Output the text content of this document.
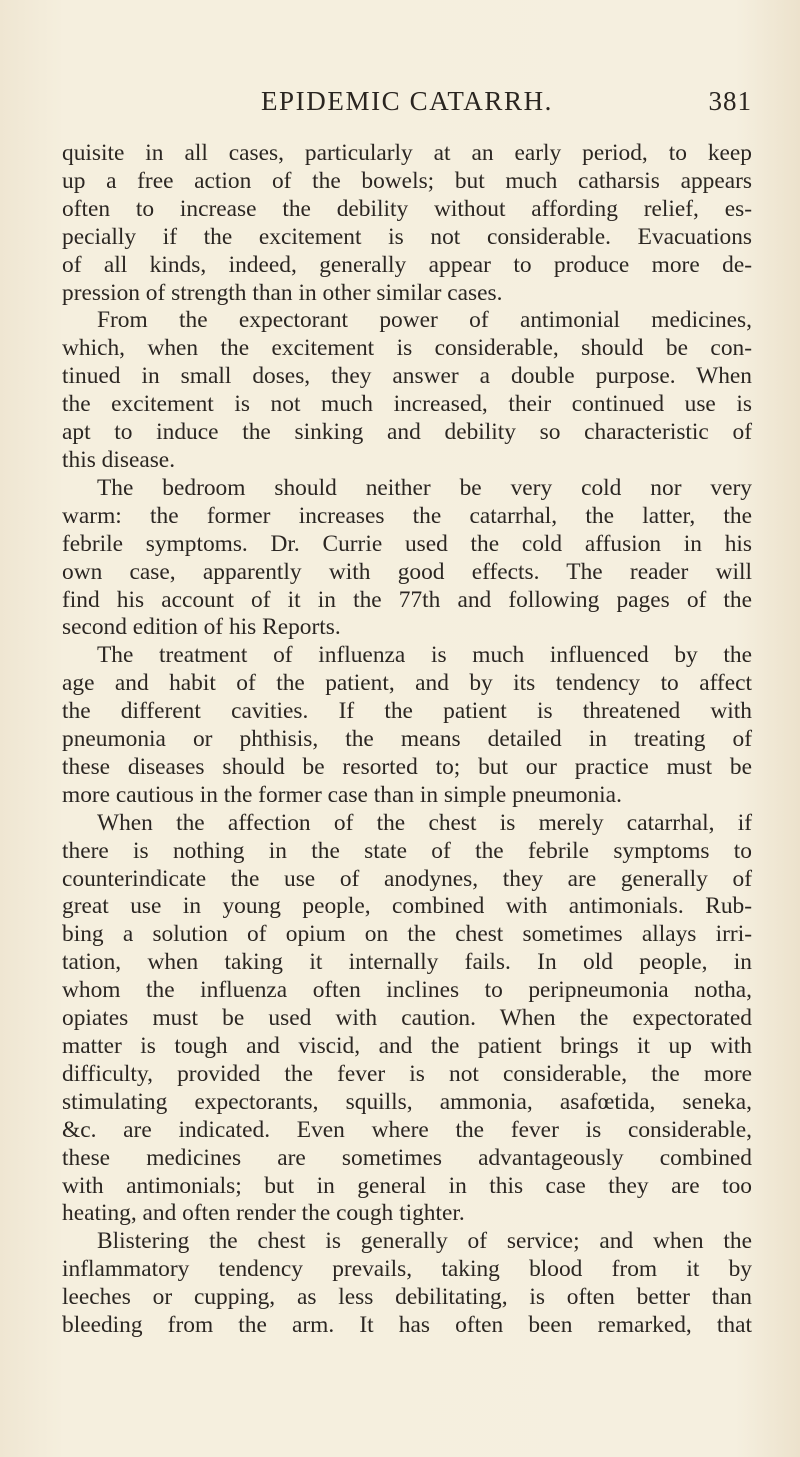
EPIDEMIC CATARRH.	381

quisite in all cases, particularly at an early period, to keep
up a free action of the bowels; but much catharsis appears
often to increase the debility without affording relief, es-
pecially if the excitement is not considerable. Evacuations
of all kinds, indeed, generally appear to produce more de-
pression of strength than in other similar cases.

From the expectorant power of antimonial medicines,
which, when the excitement is considerable, should be con-
tinued in small doses, they answer a double purpose. When
the excitement is not much increased, their continued use is
apt to induce the sinking and debility so characteristic of
this disease.

The bedroom should neither be very cold nor very
warm: the former increases the catarrhal, the latter, the
febrile symptoms. Dr. Currie used the cold affusion in his
own case, apparently with good effects. The reader will
find his account of it in the 77th and following pages of the
second edition of his Reports.

The treatment of influenza is much influenced by the
age and habit of the patient, and by its tendency to affect
the different cavities. If the patient is threatened with
pneumonia or phthisis, the means detailed in treating of
these diseases should be resorted to; but our practice must be
more cautious in the former case than in simple pneumonia.

When the affection of the chest is merely catarrhal, if
there is nothing in the state of the febrile symptoms to
counterindicate the use of anodynes, they are generally of
great use in young people, combined with antimonials. Rub-
bing a solution of opium on the chest sometimes allays irri-
tation, when taking it internally fails. In old people, in
whom the influenza often inclines to peripneumonia notha,
opiates must be used with caution. When the expectorated
matter is tough and viscid, and the patient brings it up with
difficulty, provided the fever is not considerable, the more
stimulating expectorants, squills, ammonia, asafœtida, seneka,
&c. are indicated. Even where the fever is considerable,
these medicines are sometimes advantageously combined
with antimonials; but in general in this case they are too
heating, and often render the cough tighter.

Blistering the chest is generally of service; and when the
inflammatory tendency prevails, taking blood from it by
leeches or cupping, as less debilitating, is often better than
bleeding from the arm. It has often been remarked, that
